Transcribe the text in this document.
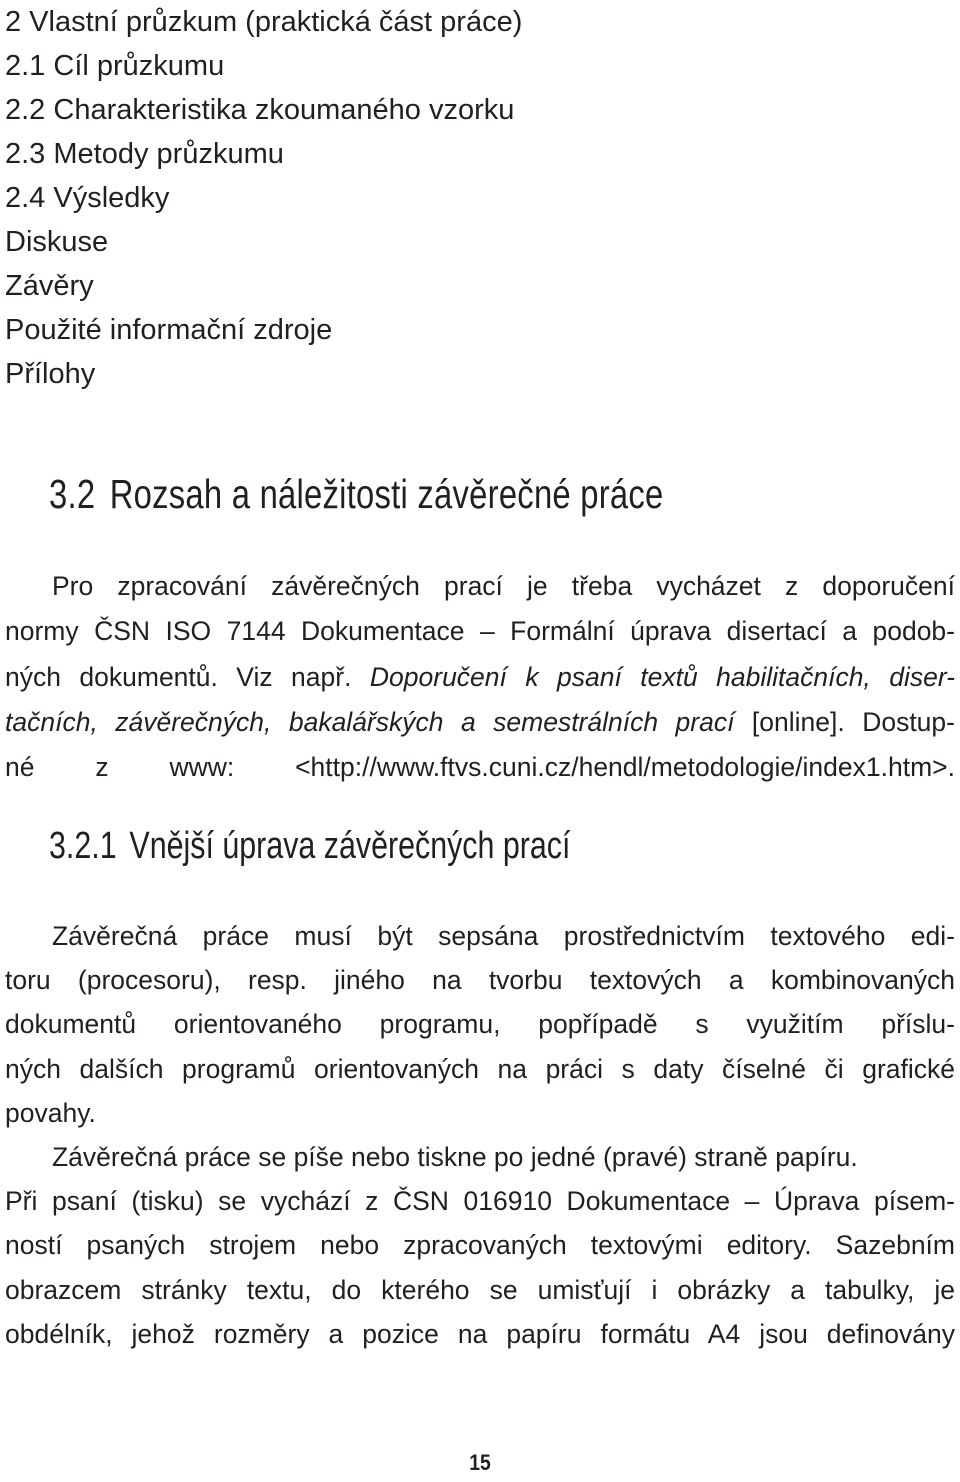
2 Vlastní průzkum (praktická část práce)
2.1 Cíl průzkumu
2.2 Charakteristika zkoumaného vzorku
2.3 Metody průzkumu
2.4 Výsledky
Diskuse
Závěry
Použité informační zdroje
Přílohy
3.2 Rozsah a náležitosti závěrečné práce
Pro zpracování závěrečných prací je třeba vycházet z doporučení
normy ČSN ISO 7144 Dokumentace – Formální úprava disertací a podob-
ných dokumentů. Viz např. Doporučení k psaní textů habilitačních, diser-
tačních, závěrečných, bakalářských a semestrálních prací [online]. Dostup-
né z www: <http://www.ftvs.cuni.cz/hendl/metodologie/index1.htm>.
3.2.1 Vnější úprava závěrečných prací
Závěrečná práce musí být sepsána prostřednictvím textového edi-
toru (procesoru), resp. jiného na tvorbu textových a kombinovaných
dokumentů orientovaného programu, popřípadě s využitím příslu-
ných dalších programů orientovaných na práci s daty číselné či grafické
povahy.
Závěrečná práce se píše nebo tiskne po jedné (pravé) straně papíru.
Při psaní (tisku) se vychází z ČSN 016910 Dokumentace – Úprava písem-
ností psaných strojem nebo zpracovaných textovými editory. Sazebním
obrazcem stránky textu, do kterého se umisťují i obrázky a tabulky, je
obdélník, jehož rozměry a pozice na papíru formátu A4 jsou definovány
15
